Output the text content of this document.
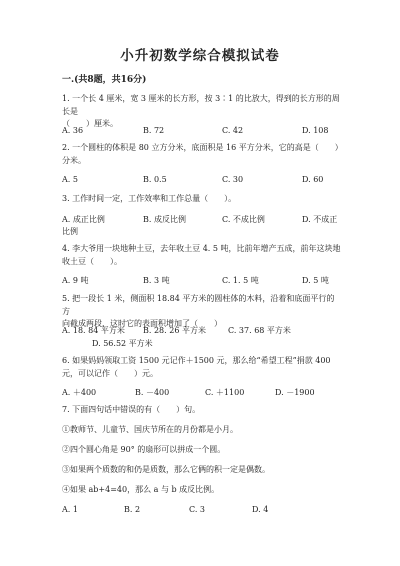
小升初数学综合模拟试卷
一.(共8题，共16分)
1. 一个长 4 厘米，宽 3 厘米的长方形，按 3∶1 的比放大，得到的长方形的周长是
（　　）厘米。
A. 36	B. 72	C. 42	D. 108
2. 一个圆柱的体积是 80 立方分米，底面积是 16 平方分米，它的高是（　　）
分米。
A. 5	B. 0.5	C. 30	D. 60
3. 工作时间一定，工作效率和工作总量（　　）。
A. 成正比例	B. 成反比例	C. 不成比例	D. 不成正
比例
4. 李大爷用一块地种土豆，去年收土豆 4. 5 吨，比前年增产五成，前年这块地
收土豆（　　）。
A. 9 吨	B. 3 吨	C. 1. 5 吨	D. 5 吨
5. 把一段长 1 米，侧面积 18.84 平方米的圆柱体的木料，沿着和底面平行的方
向截成两段，这时它的表面积增加了（　　）
A. 18. 84 平方米 B. 28. 26 平方米	C. 37. 68 平方米
D. 56.52 平方米
6. 如果妈妈领取工资 1500 元记作＋1500 元，那么给“希望工程”捐款 400
元，可以记作（　　）元。
A. ＋400	B. －400	C. ＋1100	D. －1900
7. 下面四句话中错误的有（　　）句。
①教师节、儿童节、国庆节所在的月份都是小月。
②四个圆心角是 90° 的扇形可以拼成一个圆。
③如果两个质数的和仍是质数，那么它俩的积一定是偶数。
④如果 ab+4=40，那么 a 与 b 成反比例。
A. 1	B. 2	C. 3	D. 4
